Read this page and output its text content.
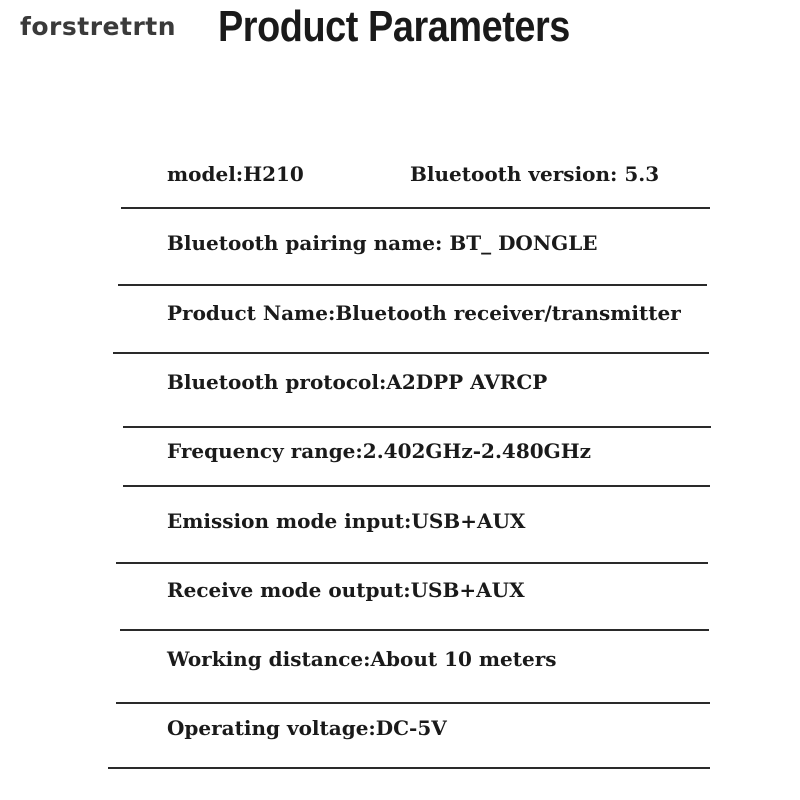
forstretrtn Product Parameters
model:H210	Bluetooth version: 5.3
Bluetooth pairing name: BT_ DONGLE
Product Name:Bluetooth receiver/transmitter
Bluetooth protocol:A2DPP AVRCP
Frequency range:2.402GHz-2.480GHz
Emission mode input:USB+AUX
Receive mode output:USB+AUX
Working distance:About 10 meters
Operating voltage:DC-5V
